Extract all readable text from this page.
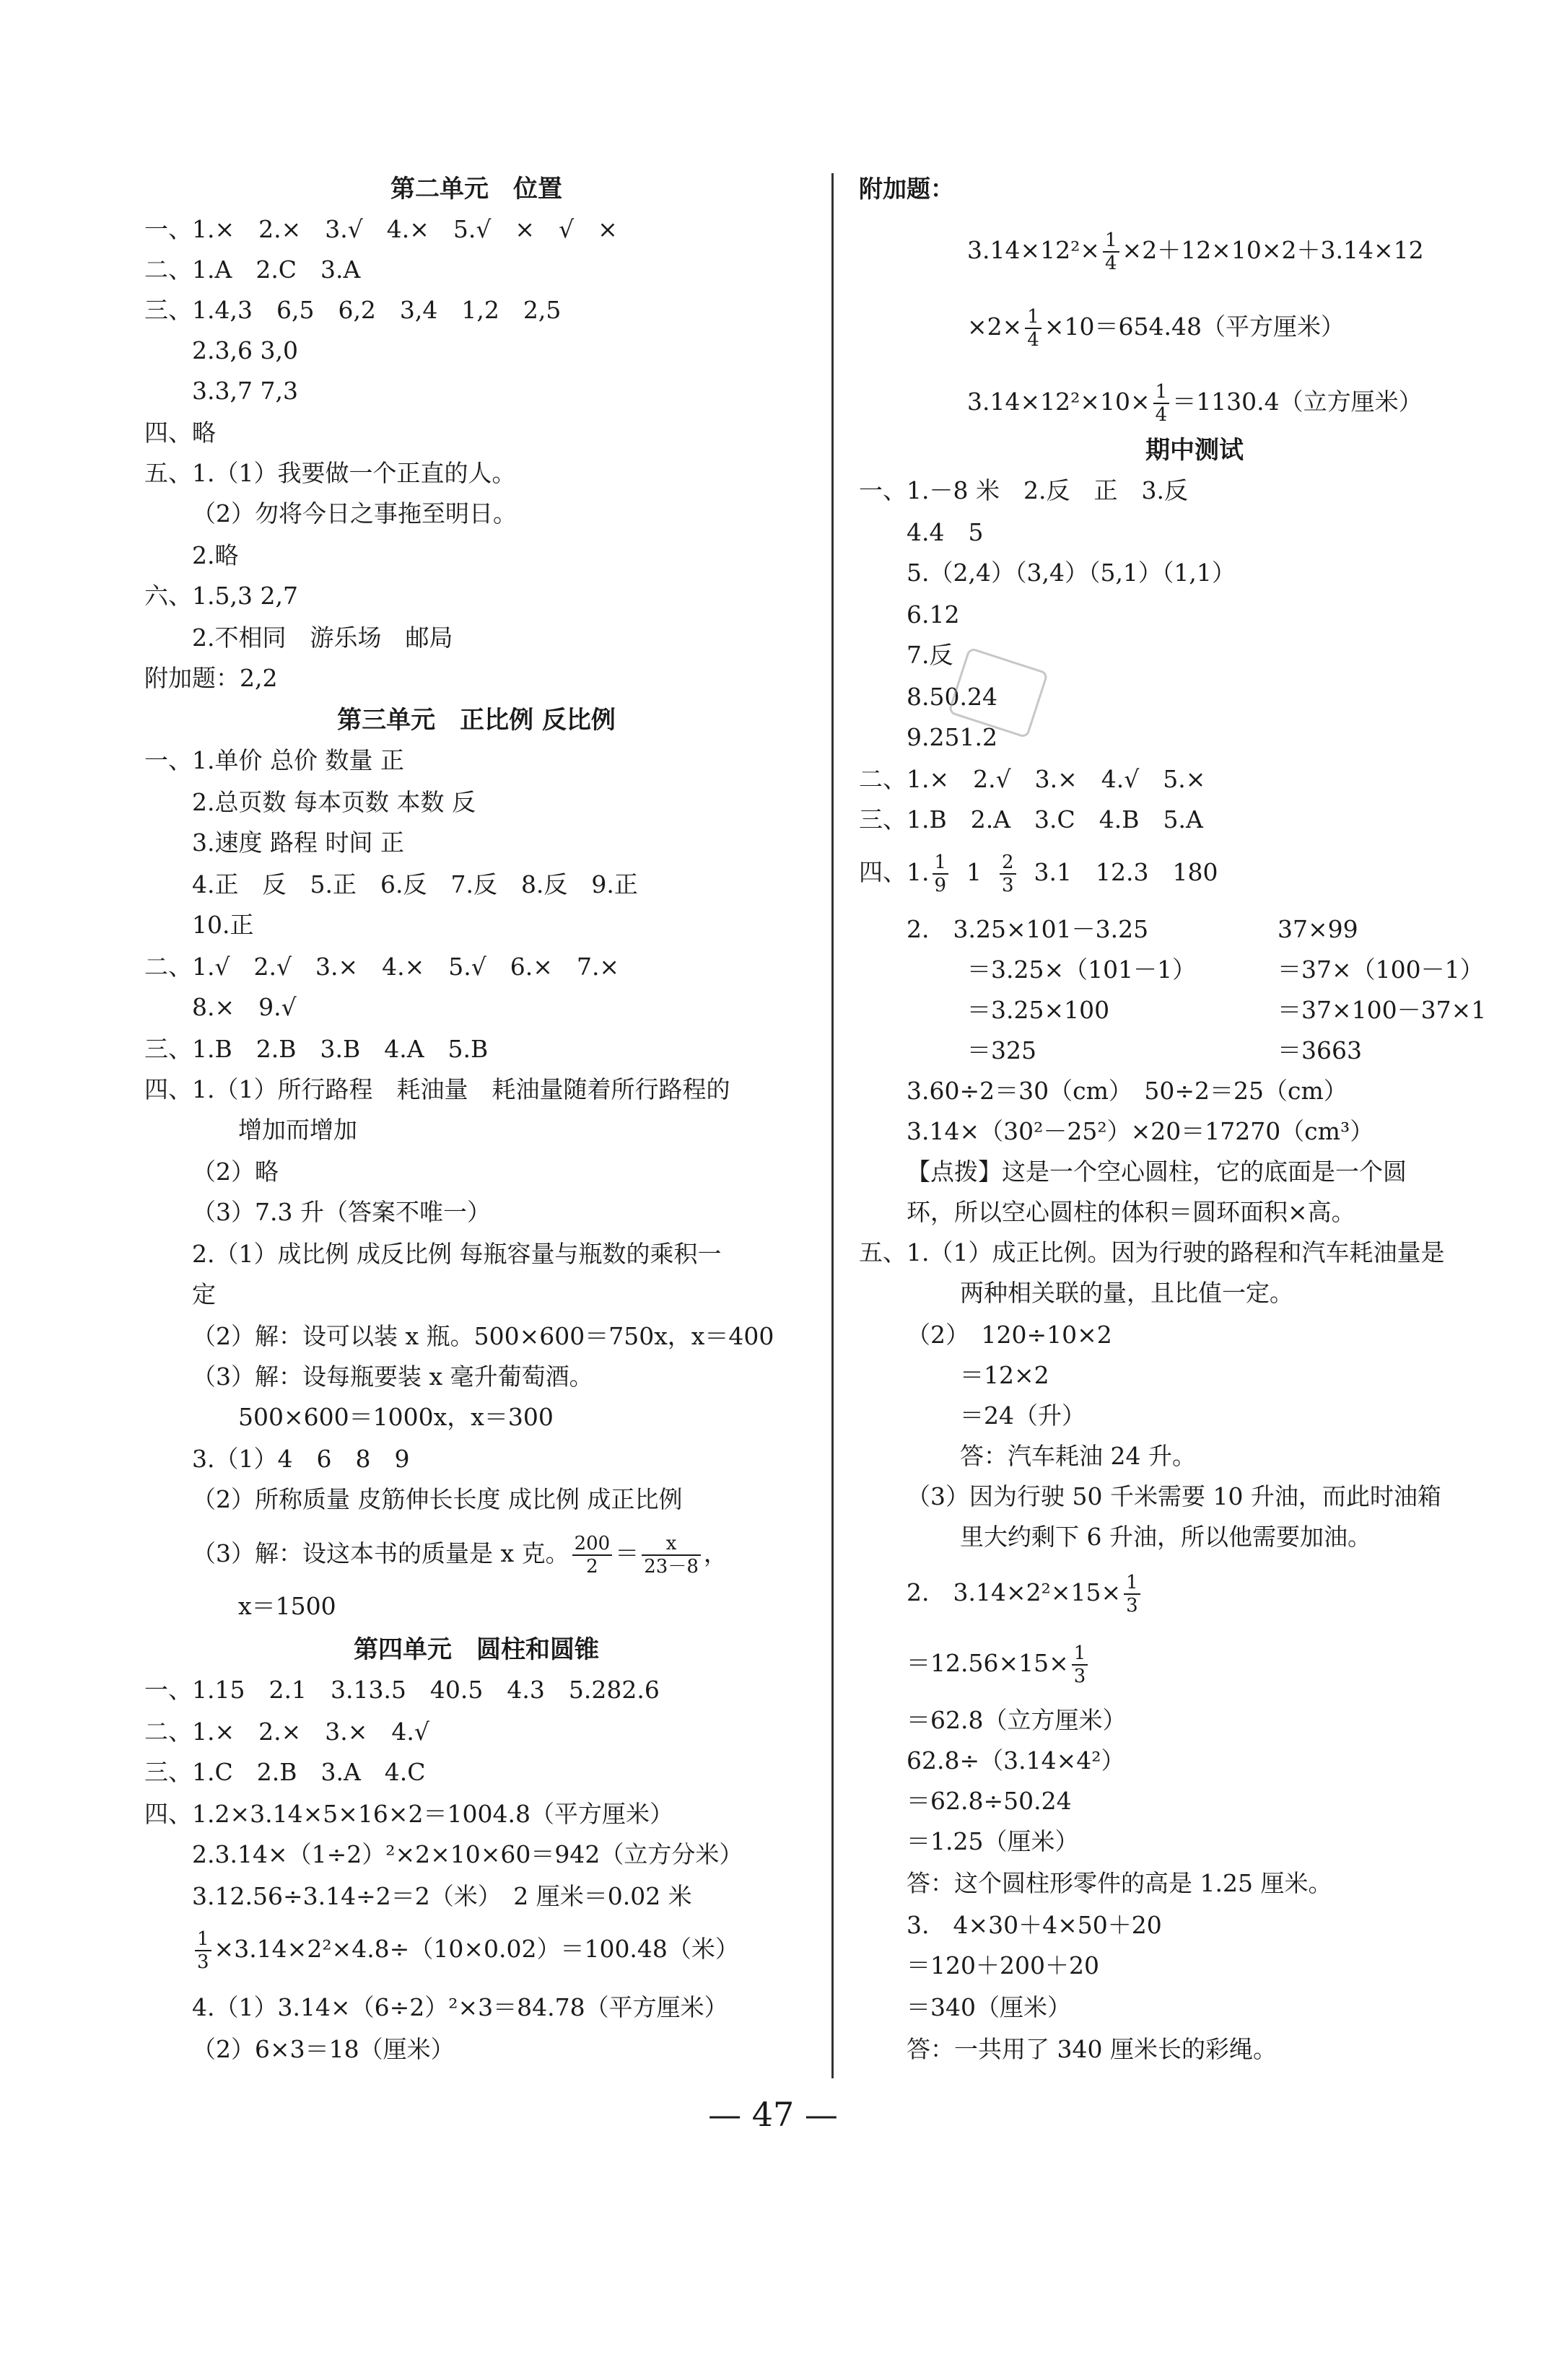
第二单元　位置
一、1.×　2.×　3.√　4.×　5.√　×　√　×
二、1.A　2.C　3.A
三、1.4,3　6,5　6,2　3,4　1,2　2,5
2.3,6 3,0
3.3,7 7,3
四、略
五、1.（1）我要做一个正直的人。
（2）勿将今日之事拖至明日。
2.略
六、1.5,3 2,7
2.不相同　游乐场　邮局
附加题：2,2
第三单元　正比例 反比例
一、1.单价 总价 数量 正
2.总页数 每本页数 本数 反
3.速度 路程 时间 正
4.正　反　5.正　6.反　7.反　8.反　9.正
10.正
二、1.√　2.√　3.×　4.×　5.√　6.×　7.×
8.×　9.√
三、1.B　2.B　3.B　4.A　5.B
四、1.（1）所行路程　耗油量　耗油量随着所行路程的
增加而增加
（2）略
（3）7.3 升（答案不唯一）
2.（1）成比例 成反比例 每瓶容量与瓶数的乘积一
定
（2）解：设可以装 x 瓶。500×600＝750x，x＝400
（3）解：设每瓶要装 x 毫升葡萄酒。
500×600＝1000x，x＝300
3.（1）4　6　8　9
（2）所称质量 皮筋伸长长度 成比例 成正比例
（3）解：设这本书的质量是 x 克。 $\frac{200}{2} = \frac{x}{23-8}$ ，
x＝1500
第四单元　圆柱和圆锥
一、1.15　2.1　3.13.5　40.5　4.3　5.282.6
二、1.×　2.×　3.×　4.√
三、1.C　2.B　3.A　4.C
四、1.2×3.14×5×16×2＝1004.8（平方厘米）
2.3.14×（1÷2）²×2×10×60＝942（立方分米）
3.12.56÷3.14÷2＝2（米）　2 厘米＝0.02 米
$\frac{1}{3} \times 3.14\times 2^2\times 4.8\div(10\times 0.02)=100.48$（米）
4.（1）3.14×（6÷2）²×3＝84.78（平方厘米）
（2）6×3＝18（厘米）
附加题：
$3.14\times 12^2\times \frac{1}{4} \times 2+12\times 10\times 2+3.14\times 12$
$\times 2\times \frac{1}{4} \times 10=654.48$（平方厘米）
$3.14\times 12^2\times 10\times \frac{1}{4} =1130.4$（立方厘米）
期中测试
一、1.－8 米　2.反　正　3.反
4.4　5
5.（2,4）（3,4）（5,1）（1,1）
6.12
7.反
8.50.24
9.251.2
二、1.×　2.√　3.×　4.√　5.×
三、1.B　2.A　3.C　4.B　5.A
四、1. $\frac{1}{9} 1 \frac{2}{3} 3.1$　12.3　180
2.　3.25×101－3.25
＝3.25×（101－1）
＝3.25×100
＝325
37×99
＝37×（100－1）
＝37×100－37×1
＝3663
3.60÷2＝30（cm）　50÷2＝25（cm）
3.14×（30²－25²）×20＝17270（cm³）
【点拨】这是一个空心圆柱，它的底面是一个圆
环，所以空心圆柱的体积＝圆环面积×高。
五、1.（1）成正比例。因为行驶的路程和汽车耗油量是
两种相关联的量，且比值一定。
（2）　120÷10×2
＝12×2
＝24（升）
答：汽车耗油 24 升。
（3）因为行驶 50 千米需要 10 升油，而此时油箱
里大约剩下 6 升油，所以他需要加油。
2.　$3.14\times 2^2\times 15\times \frac{1}{3}$
$=12.56\times 15\times \frac{1}{3}$
＝62.8（立方厘米）
62.8÷（3.14×4²）
＝62.8÷50.24
＝1.25（厘米）
答：这个圆柱形零件的高是 1.25 厘米。
3.　4×30＋4×50＋20
＝120＋200＋20
＝340（厘米）
答：一共用了 340 厘米长的彩绳。
— 47 —
